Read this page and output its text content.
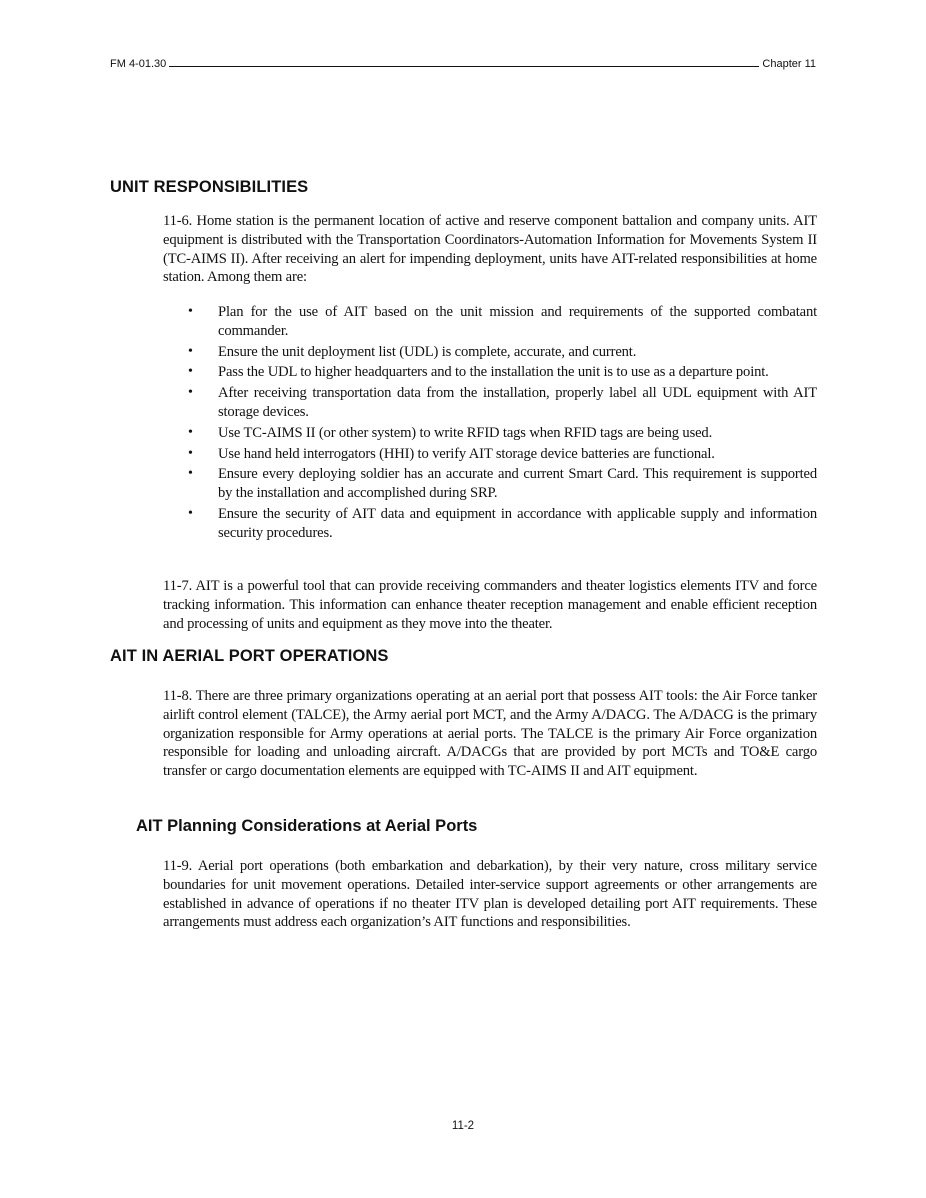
FM 4-01.30	Chapter 11
UNIT RESPONSIBILITIES

11-6. Home station is the permanent location of active and reserve component battalion and company units. AIT equipment is distributed with the Transportation Coordinators-Automation Information for Movements System II (TC-AIMS II). After receiving an alert for impending deployment, units have AIT-related responsibilities at home station. Among them are:

• Plan for the use of AIT based on the unit mission and requirements of the supported combatant commander.
• Ensure the unit deployment list (UDL) is complete, accurate, and current.
• Pass the UDL to higher headquarters and to the installation the unit is to use as a departure point.
• After receiving transportation data from the installation, properly label all UDL equipment with AIT storage devices.
• Use TC-AIMS II (or other system) to write RFID tags when RFID tags are being used.
• Use hand held interrogators (HHI) to verify AIT storage device batteries are functional.
• Ensure every deploying soldier has an accurate and current Smart Card. This requirement is supported by the installation and accomplished during SRP.
• Ensure the security of AIT data and equipment in accordance with applicable supply and information security procedures.

11-7. AIT is a powerful tool that can provide receiving commanders and theater logistics elements ITV and force tracking information. This information can enhance theater reception management and enable efficient reception and processing of units and equipment as they move into the theater.

AIT IN AERIAL PORT OPERATIONS

11-8. There are three primary organizations operating at an aerial port that possess AIT tools: the Air Force tanker airlift control element (TALCE), the Army aerial port MCT, and the Army A/DACG. The A/DACG is the primary organization responsible for Army operations at aerial ports. The TALCE is the primary Air Force organization responsible for loading and unloading aircraft. A/DACGs that are provided by port MCTs and TO&E cargo transfer or cargo documentation elements are equipped with TC-AIMS II and AIT equipment.

AIT Planning Considerations at Aerial Ports

11-9. Aerial port operations (both embarkation and debarkation), by their very nature, cross military service boundaries for unit movement operations. Detailed inter-service support agreements or other arrangements are established in advance of operations if no theater ITV plan is developed detailing port AIT requirements. These arrangements must address each organization’s AIT functions and responsibilities.

11-2
